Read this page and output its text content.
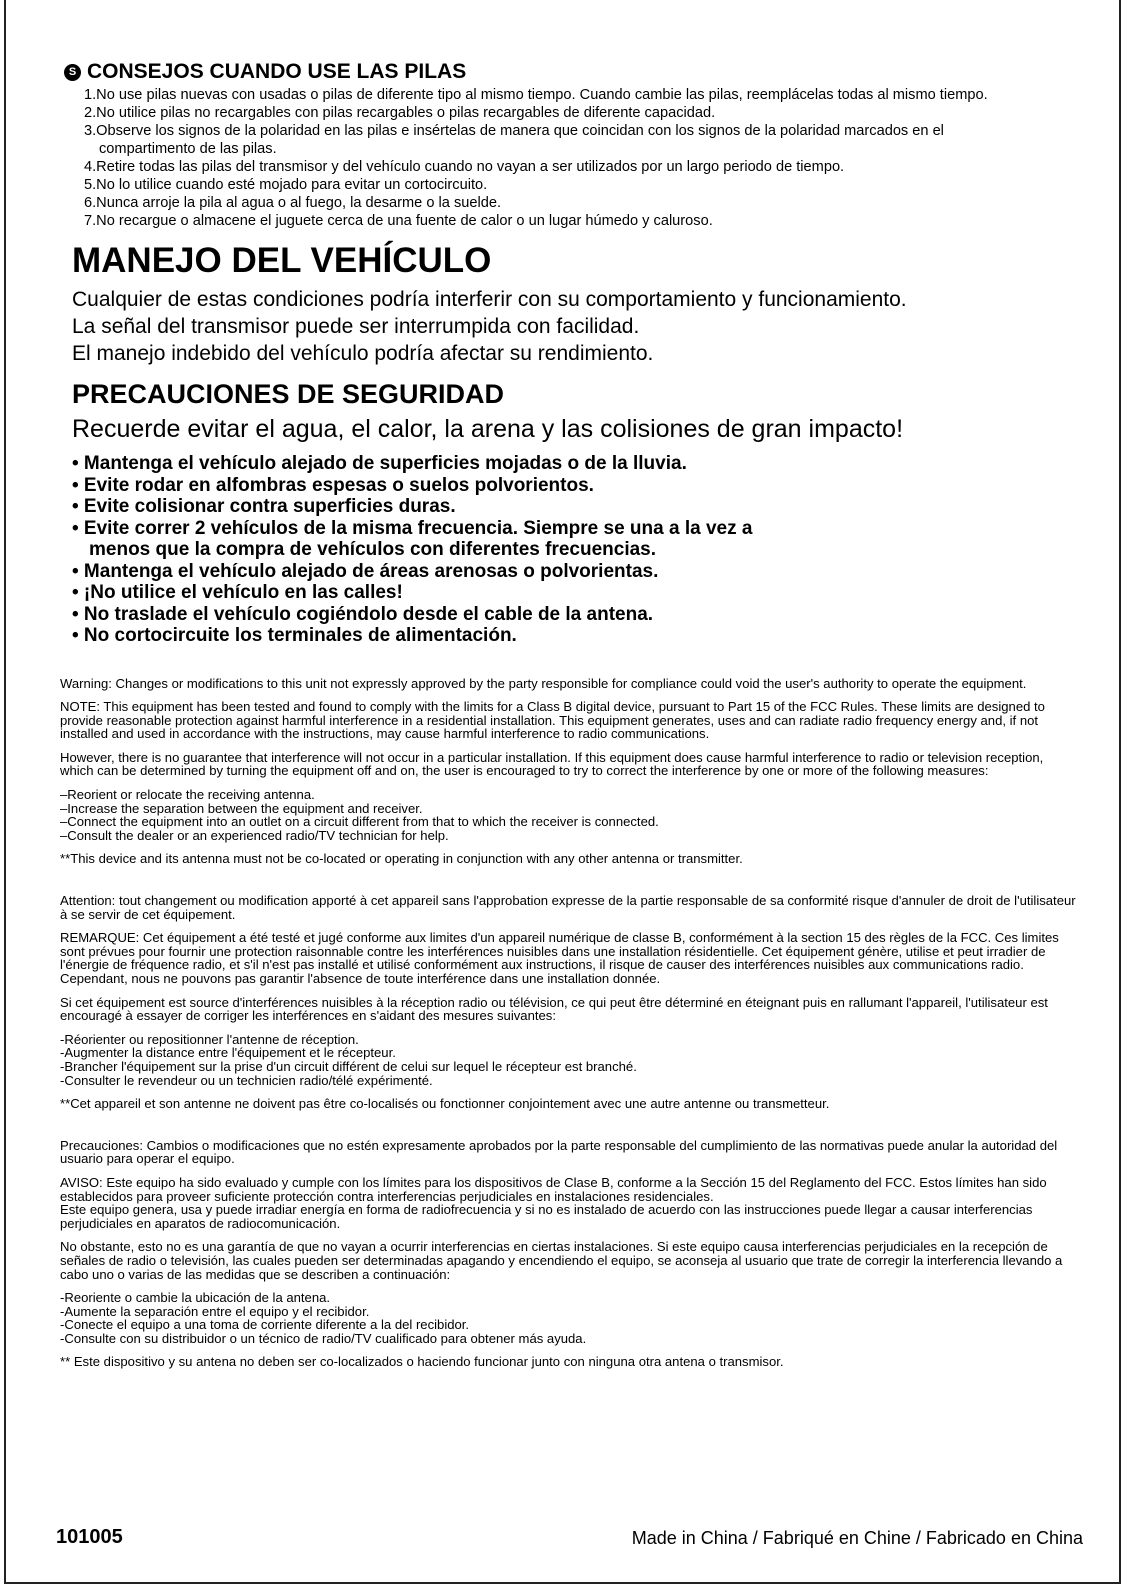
S CONSEJOS CUANDO USE LAS PILAS
1.No use pilas nuevas con usadas o pilas de diferente tipo al mismo tiempo. Cuando cambie las pilas, reemplácelas todas al mismo tiempo.
2.No utilice pilas no recargables con pilas recargables o pilas recargables de diferente capacidad.
3.Observe los signos de la polaridad en las pilas e insértelas de manera que coincidan con los signos de la polaridad marcados en el
compartimento de las pilas.
4.Retire todas las pilas del transmisor y del vehículo cuando no vayan a ser utilizados por un largo periodo de tiempo.
5.No lo utilice cuando esté mojado para evitar un cortocircuito.
6.Nunca arroje la pila al agua o al fuego, la desarme o la suelde.
7.No recargue o almacene el juguete cerca de una fuente de calor o un lugar húmedo y caluroso.
MANEJO DEL VEHÍCULO
Cualquier de estas condiciones podría interferir con su comportamiento y funcionamiento.
La señal del transmisor puede ser interrumpida con facilidad.
El manejo indebido del vehículo podría afectar su rendimiento.
PRECAUCIONES DE SEGURIDAD
Recuerde evitar el agua, el calor, la arena y las colisiones de gran impacto!
• Mantenga el vehículo alejado de superficies mojadas o de la lluvia.
• Evite rodar en alfombras espesas o suelos polvorientos.
• Evite colisionar contra superficies duras.
• Evite correr 2 vehículos de la misma frecuencia. Siempre se una a la vez a
menos que la compra de vehículos con diferentes frecuencias.
• Mantenga el vehículo alejado de áreas arenosas o polvorientas.
• ¡No utilice el vehículo en las calles!
• No traslade el vehículo cogiéndolo desde el cable de la antena.
• No cortocircuite los terminales de alimentación.

Warning: Changes or modifications to this unit not expressly approved by the party responsible for compliance could void the user's authority to operate the equipment.

NOTE: This equipment has been tested and found to comply with the limits for a Class B digital device, pursuant to Part 15 of the FCC Rules. These limits are designed to provide reasonable protection against harmful interference in a residential installation. This equipment generates, uses and can radiate radio frequency energy and, if not installed and used in accordance with the instructions, may cause harmful interference to radio communications.

However, there is no guarantee that interference will not occur in a particular installation. If this equipment does cause harmful interference to radio or television reception, which can be determined by turning the equipment off and on, the user is encouraged to try to correct the interference by one or more of the following measures:

–Reorient or relocate the receiving antenna.
–Increase the separation between the equipment and receiver.
–Connect the equipment into an outlet on a circuit different from that to which the receiver is connected.
–Consult the dealer or an experienced radio/TV technician for help.

**This device and its antenna must not be co-located or operating in conjunction with any other antenna or transmitter.

Attention: tout changement ou modification apporté à cet appareil sans l'approbation expresse de la partie responsable de sa conformité risque d'annuler de droit de l'utilisateur à se servir de cet équipement.

REMARQUE: Cet équipement a été testé et jugé conforme aux limites d'un appareil numérique de classe B, conformément à la section 15 des règles de la FCC. Ces limites sont prévues pour fournir une protection raisonnable contre les interférences nuisibles dans une installation résidentielle. Cet équipement génère, utilise et peut irradier de l'énergie de fréquence radio, et s'il n'est pas installé et utilisé conformément aux instructions, il risque de causer des interférences nuisibles aux communications radio. Cependant, nous ne pouvons pas garantir l'absence de toute interférence dans une installation donnée.

Si cet équipement est source d'interférences nuisibles à la réception radio ou télévision, ce qui peut être déterminé en éteignant puis en rallumant l'appareil, l'utilisateur est encouragé à essayer de corriger les interférences en s'aidant des mesures suivantes:

-Réorienter ou repositionner l'antenne de réception.
-Augmenter la distance entre l'équipement et le récepteur.
-Brancher l'équipement sur la prise d'un circuit différent de celui sur lequel le récepteur est branché.
-Consulter le revendeur ou un technicien radio/télé expérimenté.

**Cet appareil et son antenne ne doivent pas être co-localisés ou fonctionner conjointement avec une autre antenne ou transmetteur.

Precauciones: Cambios o modificaciones que no estén expresamente aprobados por la parte responsable del cumplimiento de las normativas puede anular la autoridad del usuario para operar el equipo.

AVISO: Este equipo ha sido evaluado y cumple con los límites para los dispositivos de Clase B, conforme a la Sección 15 del Reglamento del FCC. Estos límites han sido establecidos para proveer suficiente protección contra interferencias perjudiciales en instalaciones residenciales.

Este equipo genera, usa y puede irradiar energía en forma de radiofrecuencia y si no es instalado de acuerdo con las instrucciones puede llegar a causar interferencias perjudiciales en aparatos de radiocomunicación.

No obstante, esto no es una garantía de que no vayan a ocurrir interferencias en ciertas instalaciones. Si este equipo causa interferencias perjudiciales en la recepción de señales de radio o televisión, las cuales pueden ser determinadas apagando y encendiendo el equipo, se aconseja al usuario que trate de corregir la interferencia llevando a cabo uno o varias de las medidas que se describen a continuación:

-Reoriente o cambie la ubicación de la antena.
-Aumente la separación entre el equipo y el recibidor.
-Conecte el equipo a una toma de corriente diferente a la del recibidor.
-Consulte con su distribuidor o un técnico de radio/TV cualificado para obtener más ayuda.

** Este dispositivo y su antena no deben ser co-localizados o haciendo funcionar junto con ninguna otra antena o transmisor.

101005	Made in China / Fabriqué en Chine / Fabricado en China
